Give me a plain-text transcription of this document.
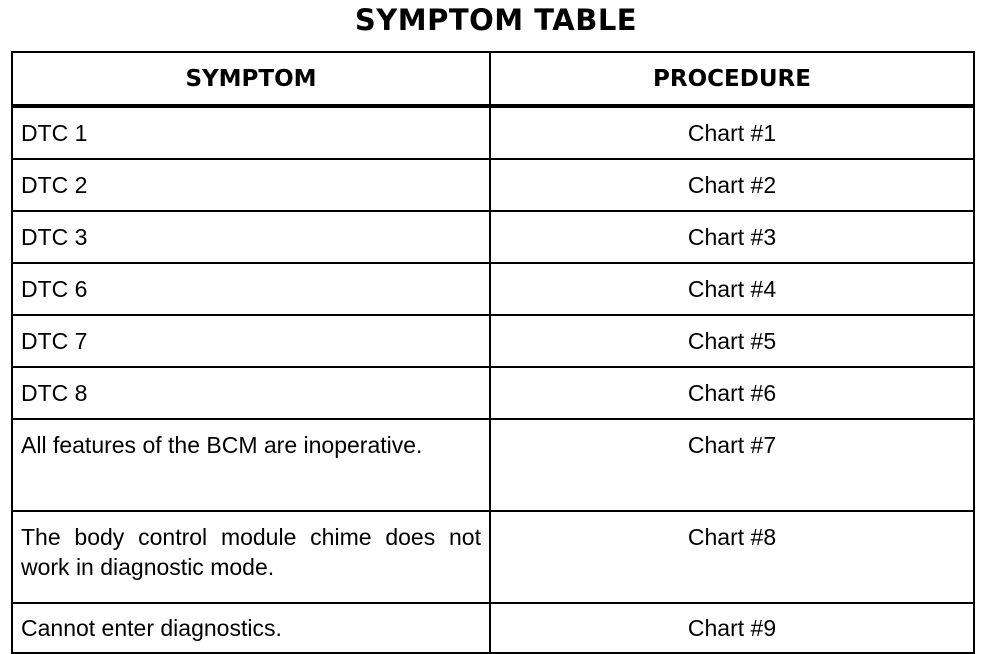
SYMPTOM TABLE
SYMPTOM	PROCEDURE
DTC 1	Chart #1
DTC 2	Chart #2
DTC 3	Chart #3
DTC 6	Chart #4
DTC 7	Chart #5
DTC 8	Chart #6
All features of the BCM are inoperative.	Chart #7
The body control module chime does not work in diagnostic mode.	Chart #8
Cannot enter diagnostics.	Chart #9
